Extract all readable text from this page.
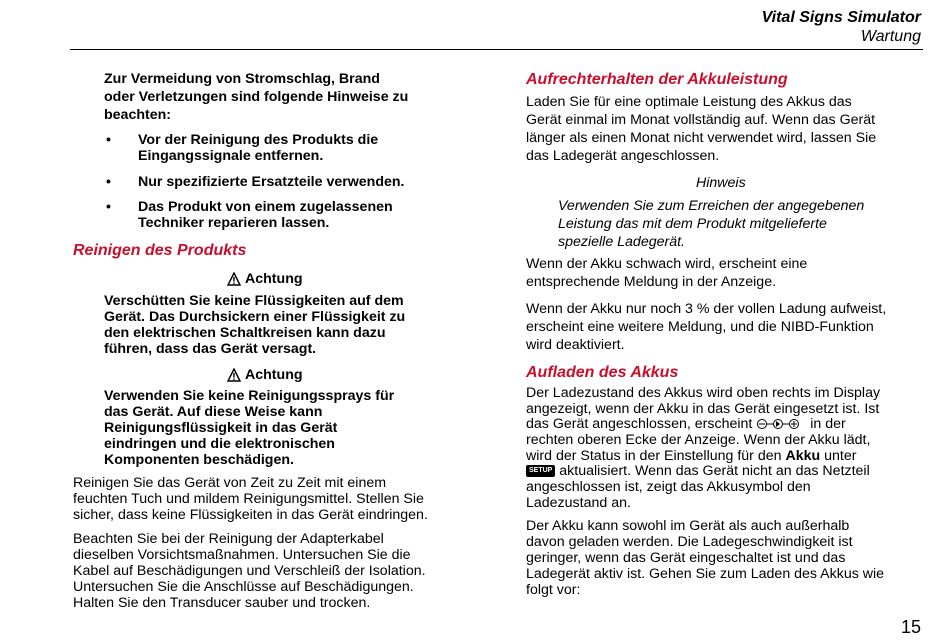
Vital Signs Simulator
Wartung
Zur Vermeidung von Stromschlag, Brand
oder Verletzungen sind folgende Hinweise zu
beachten:
• Vor der Reinigung des Produkts die
Eingangssignale entfernen.
• Nur spezifizierte Ersatzteile verwenden.
• Das Produkt von einem zugelassenen
Techniker reparieren lassen.
Reinigen des Produkts
Achtung
Verschütten Sie keine Flüssigkeiten auf dem
Gerät. Das Durchsickern einer Flüssigkeit zu
den elektrischen Schaltkreisen kann dazu
führen, dass das Gerät versagt.
Achtung
Verwenden Sie keine Reinigungssprays für
das Gerät. Auf diese Weise kann
Reinigungsflüssigkeit in das Gerät
eindringen und die elektronischen
Komponenten beschädigen.
Reinigen Sie das Gerät von Zeit zu Zeit mit einem
feuchten Tuch und mildem Reinigungsmittel. Stellen Sie
sicher, dass keine Flüssigkeiten in das Gerät eindringen.
Beachten Sie bei der Reinigung der Adapterkabel
dieselben Vorsichtsmaßnahmen. Untersuchen Sie die
Kabel auf Beschädigungen und Verschleiß der Isolation.
Untersuchen Sie die Anschlüsse auf Beschädigungen.
Halten Sie den Transducer sauber und trocken.
Aufrechterhalten der Akkuleistung
Laden Sie für eine optimale Leistung des Akkus das
Gerät einmal im Monat vollständig auf. Wenn das Gerät
länger als einen Monat nicht verwendet wird, lassen Sie
das Ladegerät angeschlossen.
Hinweis
Verwenden Sie zum Erreichen der angegebenen
Leistung das mit dem Produkt mitgelieferte
spezielle Ladegerät.
Wenn der Akku schwach wird, erscheint eine
entsprechende Meldung in der Anzeige.
Wenn der Akku nur noch 3 % der vollen Ladung aufweist,
erscheint eine weitere Meldung, und die NIBD-Funktion
wird deaktiviert.
Aufladen des Akkus
Der Ladezustand des Akkus wird oben rechts im Display
angezeigt, wenn der Akku in das Gerät eingesetzt ist. Ist
das Gerät angeschlossen, erscheint	in der
rechten oberen Ecke der Anzeige. Wenn der Akku lädt,
wird der Status in der Einstellung für den Akku unter
SETUP aktualisiert. Wenn das Gerät nicht an das Netzteil
angeschlossen ist, zeigt das Akkusymbol den
Ladezustand an.
Der Akku kann sowohl im Gerät als auch außerhalb
davon geladen werden. Die Ladegeschwindigkeit ist
geringer, wenn das Gerät eingeschaltet ist und das
Ladegerät aktiv ist. Gehen Sie zum Laden des Akkus wie
folgt vor:
15
